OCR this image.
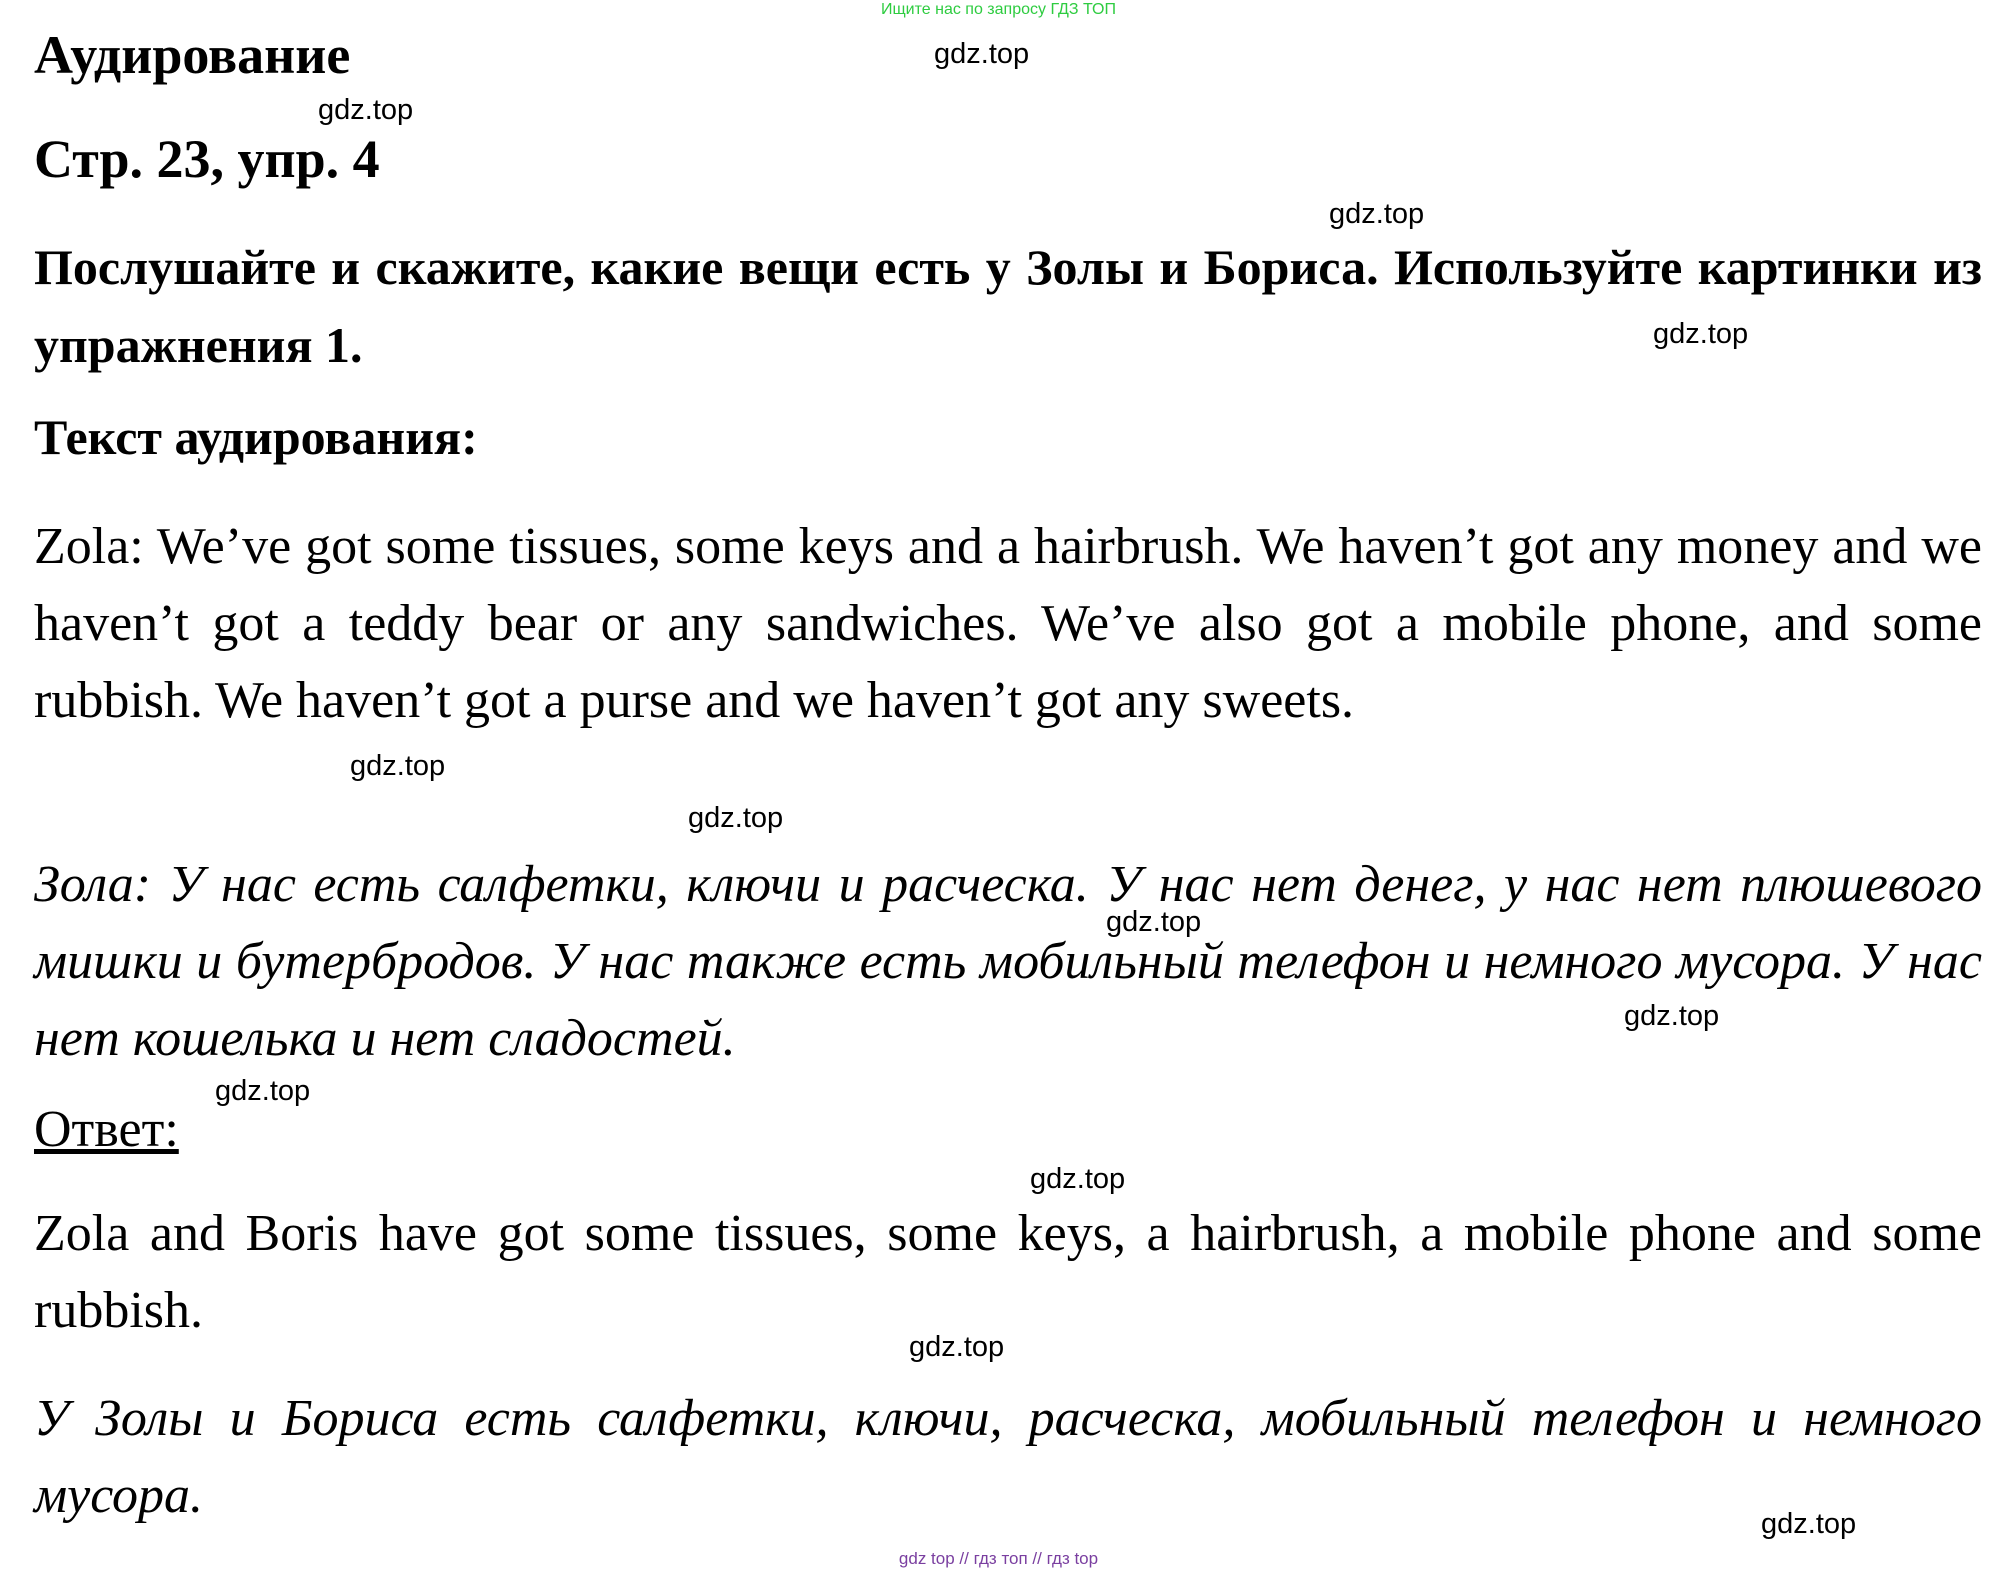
Ищите нас по запросу ГДЗ ТОП
Аудирование
Стр. 23, упр. 4
Послушайте и скажите, какие вещи есть у Золы и Бориса. Используйте картинки из упражнения 1.
Текст аудирования:
Zola: We’ve got some tissues, some keys and a hairbrush. We haven’t got any money and we haven’t got a teddy bear or any sandwiches. We’ve also got a mobile phone, and some rubbish. We haven’t got a purse and we haven’t got any sweets.
Зола: У нас есть салфетки, ключи и расческа. У нас нет денег, у нас нет плюшевого мишки и бутербродов. У нас также есть мобильный телефон и немного мусора. У нас нет кошелька и нет сладостей.
Ответ:
Zola and Boris have got some tissues, some keys, a hairbrush, a mobile phone and some rubbish.
У Золы и Бориса есть салфетки, ключи, расческа, мобильный телефон и немного мусора.
gdz.top
gdz.top
gdz.top
gdz.top
gdz.top
gdz.top
gdz.top
gdz.top
gdz.top
gdz.top
gdz.top
gdz.top
gdz top // гдз топ // гдз top
